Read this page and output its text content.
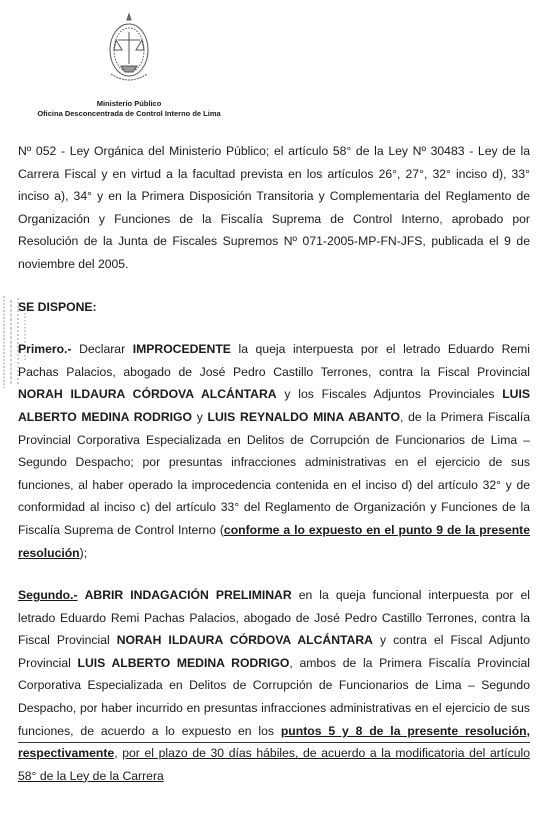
Ministerio Público
Oficina Desconcentrada de Control Interno de Lima

Nº 052 - Ley Orgánica del Ministerio Público; el artículo 58° de la Ley Nº 30483 - Ley de la Carrera Fiscal y en virtud a la facultad prevista en los artículos 26°, 27°, 32° inciso d), 33° inciso a), 34° y en la Primera Disposición Transitoria y Complementaria del Reglamento de Organización y Funciones de la Fiscalía Suprema de Control Interno, aprobado por Resolución de la Junta de Fiscales Supremos Nº 071-2005-MP-FN-JFS, publicada el 9 de noviembre del 2005.

SE DISPONE:

Primero.- Declarar IMPROCEDENTE la queja interpuesta por el letrado Eduardo Remi Pachas Palacios, abogado de José Pedro Castillo Terrones, contra la Fiscal Provincial NORAH ILDAURA CÓRDOVA ALCÁNTARA y los Fiscales Adjuntos Provinciales LUIS ALBERTO MEDINA RODRIGO y LUIS REYNALDO MINA ABANTO, de la Primera Fiscalía Provincial Corporativa Especializada en Delitos de Corrupción de Funcionarios de Lima – Segundo Despacho; por presuntas infracciones administrativas en el ejercicio de sus funciones, al haber operado la improcedencia contenida en el inciso d) del artículo 32° y de conformidad al inciso c) del artículo 33° del Reglamento de Organización y Funciones de la Fiscalía Suprema de Control Interno (conforme a lo expuesto en el punto 9 de la presente resolución);

Segundo.- ABRIR INDAGACIÓN PRELIMINAR en la queja funcional interpuesta por el letrado Eduardo Remi Pachas Palacios, abogado de José Pedro Castillo Terrones, contra la Fiscal Provincial NORAH ILDAURA CÓRDOVA ALCÁNTARA y contra el Fiscal Adjunto Provincial LUIS ALBERTO MEDINA RODRIGO, ambos de la Primera Fiscalía Provincial Corporativa Especializada en Delitos de Corrupción de Funcionarios de Lima – Segundo Despacho, por haber incurrido en presuntas infracciones administrativas en el ejercicio de sus funciones, de acuerdo a lo expuesto en los puntos 5 y 8 de la presente resolución, respectivamente, por el plazo de 30 días hábiles, de acuerdo a la modificatoria del artículo 58° de la Ley de la Carrera
